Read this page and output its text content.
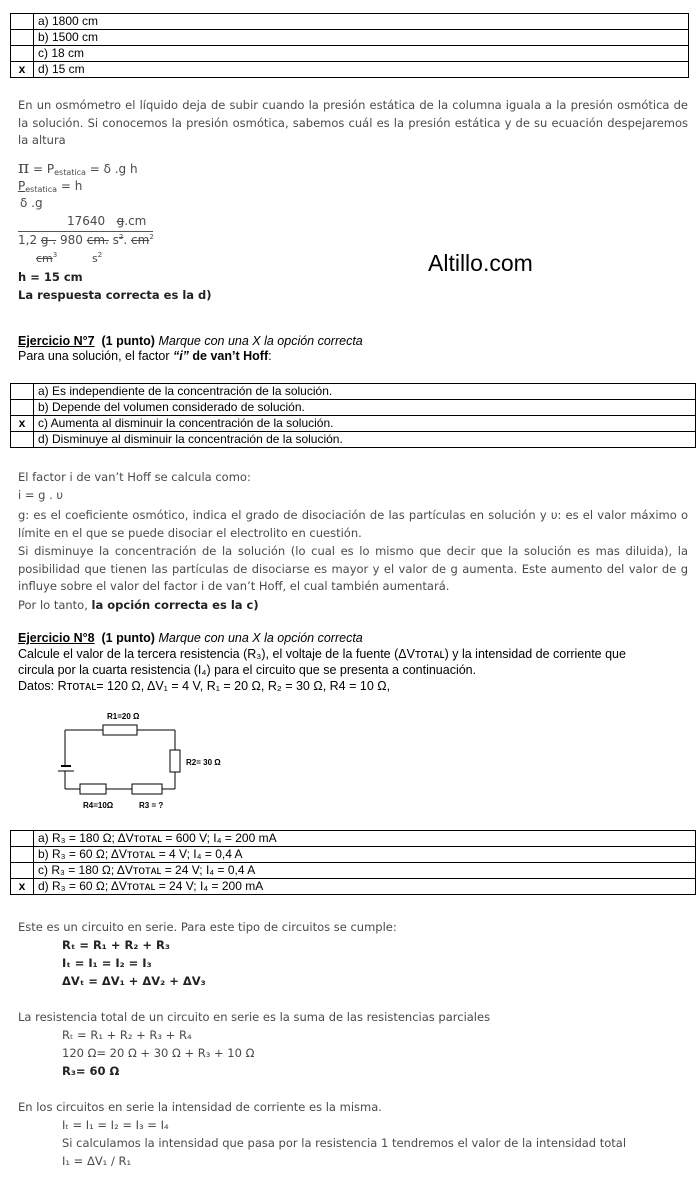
	a) 1800 cm
	b) 1500 cm
	c) 18 cm
x	d) 15 cm
En un osmómetro el líquido deja de subir cuando la presión estática de la columna iguala a la presión osmótica de la solución. Si conocemos la presión osmótica, sabemos cuál es la presión estática y de su ecuación despejaremos la altura
$\pi = P_{estatica} = \delta$ .g h
$P_{estatica} = h$
δ .g
17640 g.cm
1,2 g . 980 cm. $s^2$. $cm^2$
$cm^3$	$s^2$
h = 15 cm
La respuesta correcta es la d)
Altillo.com
Ejercicio N°7 (1 punto) Marque con una X la opción correcta
Para una solución, el factor “i” de van’t Hoff:
	a) Es independiente de la concentración de la solución.
	b) Depende del volumen considerado de solución.
x	c) Aumenta al disminuir la concentración de la solución.
	d) Disminuye al disminuir la concentración de la solución.
El factor i de van’t Hoff se calcula como:
i = g . υ
g: es el coeficiente osmótico, indica el grado de disociación de las partículas en solución y υ: es el valor máximo o límite en el que se puede disociar el electrolito en cuestión.
Si disminuye la concentración de la solución (lo cual es lo mismo que decir que la solución es mas diluida), la posibilidad que tienen las partículas de disociarse es mayor y el valor de g aumenta. Este aumento del valor de g influye sobre el valor del factor i de van’t Hoff, el cual también aumentará.
Por lo tanto, la opción correcta es la c)
Ejercicio N°8 (1 punto) Marque con una X la opción correcta
Calcule el valor de la tercera resistencia (R₃), el voltaje de la fuente (ΔVᴛᴏᴛᴀʟ) y la intensidad de corriente que
circula por la cuarta resistencia (I₄) para el circuito que se presenta a continuación.
Datos: Rᴛᴏᴛᴀʟ= 120 Ω, ΔV₁ = 4 V, R₁ = 20 Ω, R₂ = 30 Ω, R4 = 10 Ω,
R1=20 Ω
R2= 30 Ω
R4=10Ω	R3 = ?
	a) R₃ = 180 Ω; ΔVᴛᴏᴛᴀʟ = 600 V; I₄ = 200 mA
	b) R₃ = 60 Ω; ΔVᴛᴏᴛᴀʟ = 4 V; I₄ = 0,4 A
	c) R₃ = 180 Ω; ΔVᴛᴏᴛᴀʟ = 24 V; I₄ = 0,4 A
x	d) R₃ = 60 Ω; ΔVᴛᴏᴛᴀʟ = 24 V; I₄ = 200 mA
Este es un circuito en serie. Para este tipo de circuitos se cumple:
Rₜ = R₁ + R₂ + R₃
Iₜ = I₁ = I₂ = I₃
ΔVₜ = ΔV₁ + ΔV₂ + ΔV₃
La resistencia total de un circuito en serie es la suma de las resistencias parciales
Rₜ = R₁ + R₂ + R₃ + R₄
120 Ω= 20 Ω + 30 Ω + R₃ + 10 Ω
R₃= 60 Ω
En los circuitos en serie la intensidad de corriente es la misma.
Iₜ = I₁ = I₂ = I₃ = I₄
Si calculamos la intensidad que pasa por la resistencia 1 tendremos el valor de la intensidad total
I₁ = ΔV₁ / R₁
